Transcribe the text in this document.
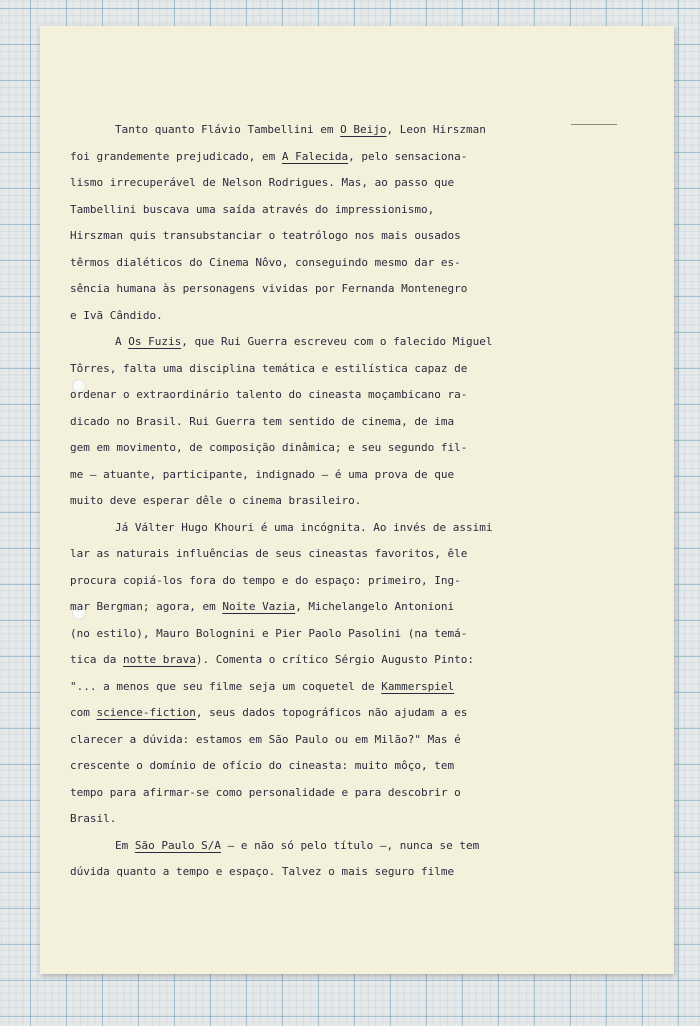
Tanto quanto Flávio Tambellini em O Beijo, Leon Hirszman
foi grandemente prejudicado, em A Falecida, pelo sensaciona-
lismo irrecuperável de Nelson Rodrigues. Mas, ao passo que
Tambellini buscava uma saída através do impressionismo,
Hirszman quis transubstanciar o teatrólogo nos mais ousados
têrmos dialéticos do Cinema Nôvo, conseguindo mesmo dar es-
sência humana às personagens vividas por Fernanda Montenegro
e Ivã Cândido.
A Os Fuzis, que Rui Guerra escreveu com o falecido Miguel
Tôrres, falta uma disciplina temática e estilística capaz de
ordenar o extraordinário talento do cineasta moçambicano ra-
dicado no Brasil. Rui Guerra tem sentido de cinema, de ima
gem em movimento, de composição dinâmica; e seu segundo fil-
me — atuante, participante, indignado — é uma prova de que
muito deve esperar dêle o cinema brasileiro.
Já Válter Hugo Khouri é uma incógnita. Ao invés de assimi
lar as naturais influências de seus cineastas favoritos, êle
procura copiá-los fora do tempo e do espaço: primeiro, Ing-
mar Bergman; agora, em Noite Vazia, Michelangelo Antonioni
(no estilo), Mauro Bolognini e Pier Paolo Pasolini (na temá-
tica da notte brava). Comenta o crítico Sérgio Augusto Pinto:
"... a menos que seu filme seja um coquetel de Kammerspiel
com science-fiction, seus dados topográficos não ajudam a es
clarecer a dúvida: estamos em São Paulo ou em Milão?" Mas é
crescente o domínio de ofício do cineasta: muito môço, tem
tempo para afirmar-se como personalidade e para descobrir o
Brasil.
Em São Paulo S/A — e não só pelo título —, nunca se tem
dúvida quanto a tempo e espaço. Talvez o mais seguro filme
